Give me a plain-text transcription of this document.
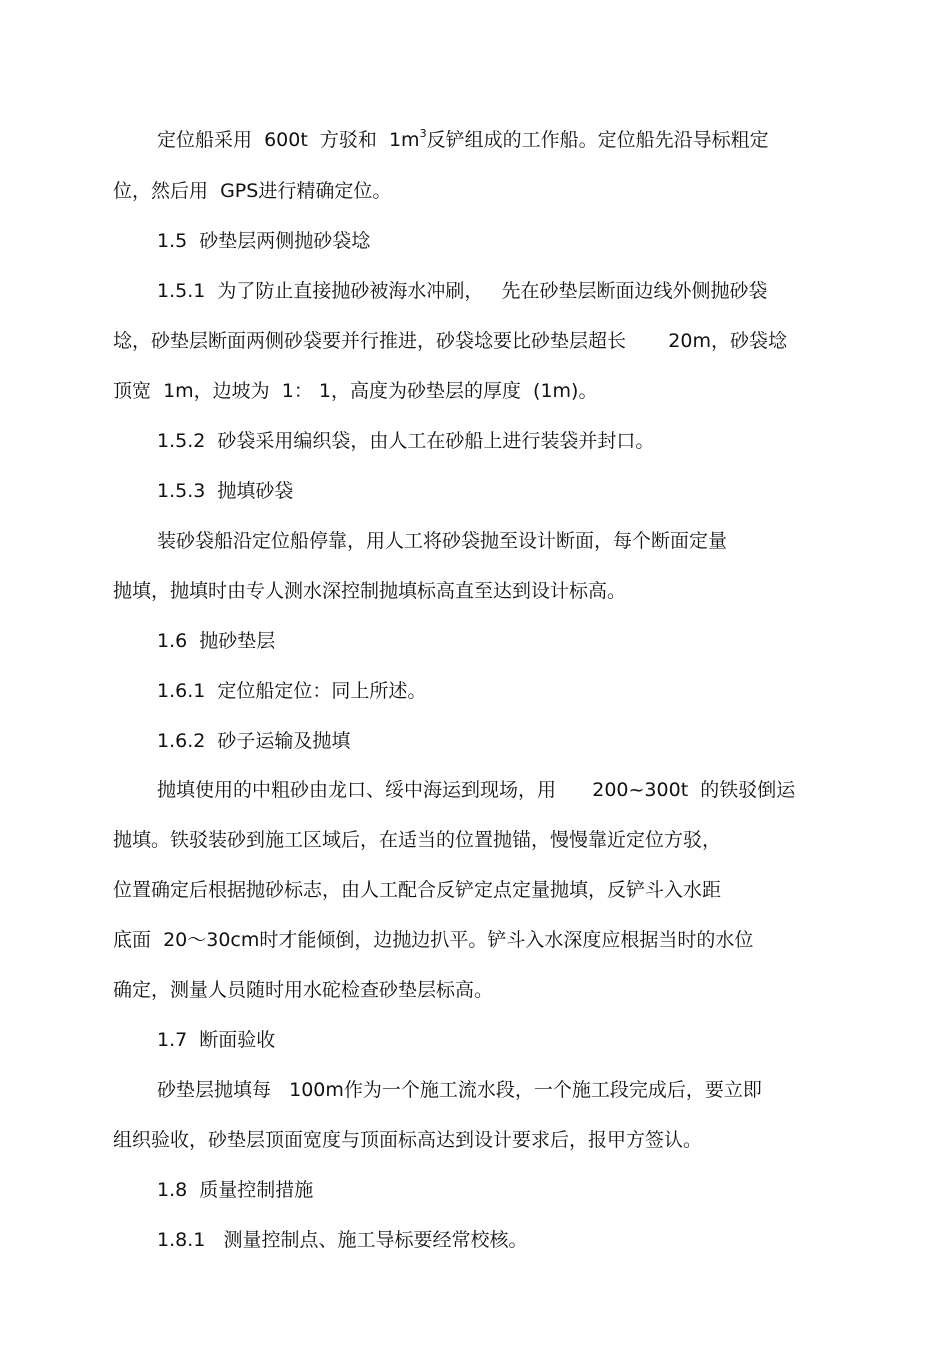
定位船采用  600t  方驳和  $1m^3$反铲组成的工作船。定位船先沿导标粗定
位，然后用  GPS进行精确定位。
1.5  砂垫层两侧抛砂袋埝
1.5.1  为了防止直接抛砂被海水冲刷，   先在砂垫层断面边线外侧抛砂袋
埝，砂垫层断面两侧砂袋要并行推进，砂袋埝要比砂垫层超长       20m，砂袋埝
顶宽  1m，边坡为  1： 1，高度为砂垫层的厚度  (1m)。
1.5.2  砂袋采用编织袋，由人工在砂船上进行装袋并封口。
1.5.3  抛填砂袋
装砂袋船沿定位船停靠，用人工将砂袋抛至设计断面，每个断面定量
抛填，抛填时由专人测水深控制抛填标高直至达到设计标高。
1.6  抛砂垫层
1.6.1  定位船定位：同上所述。
1.6.2  砂子运输及抛填
抛填使用的中粗砂由龙口、绥中海运到现场，用      200~300t  的铁驳倒运
抛填。铁驳装砂到施工区域后，在适当的位置抛锚，慢慢靠近定位方驳，
位置确定后根据抛砂标志，由人工配合反铲定点定量抛填，反铲斗入水距
底面  20～30cm时才能倾倒，边抛边扒平。铲斗入水深度应根据当时的水位
确定，测量人员随时用水砣检查砂垫层标高。
1.7  断面验收
砂垫层抛填每   100m作为一个施工流水段，一个施工段完成后，要立即
组织验收，砂垫层顶面宽度与顶面标高达到设计要求后，报甲方签认。
1.8  质量控制措施
1.8.1   测量控制点、施工导标要经常校核。
